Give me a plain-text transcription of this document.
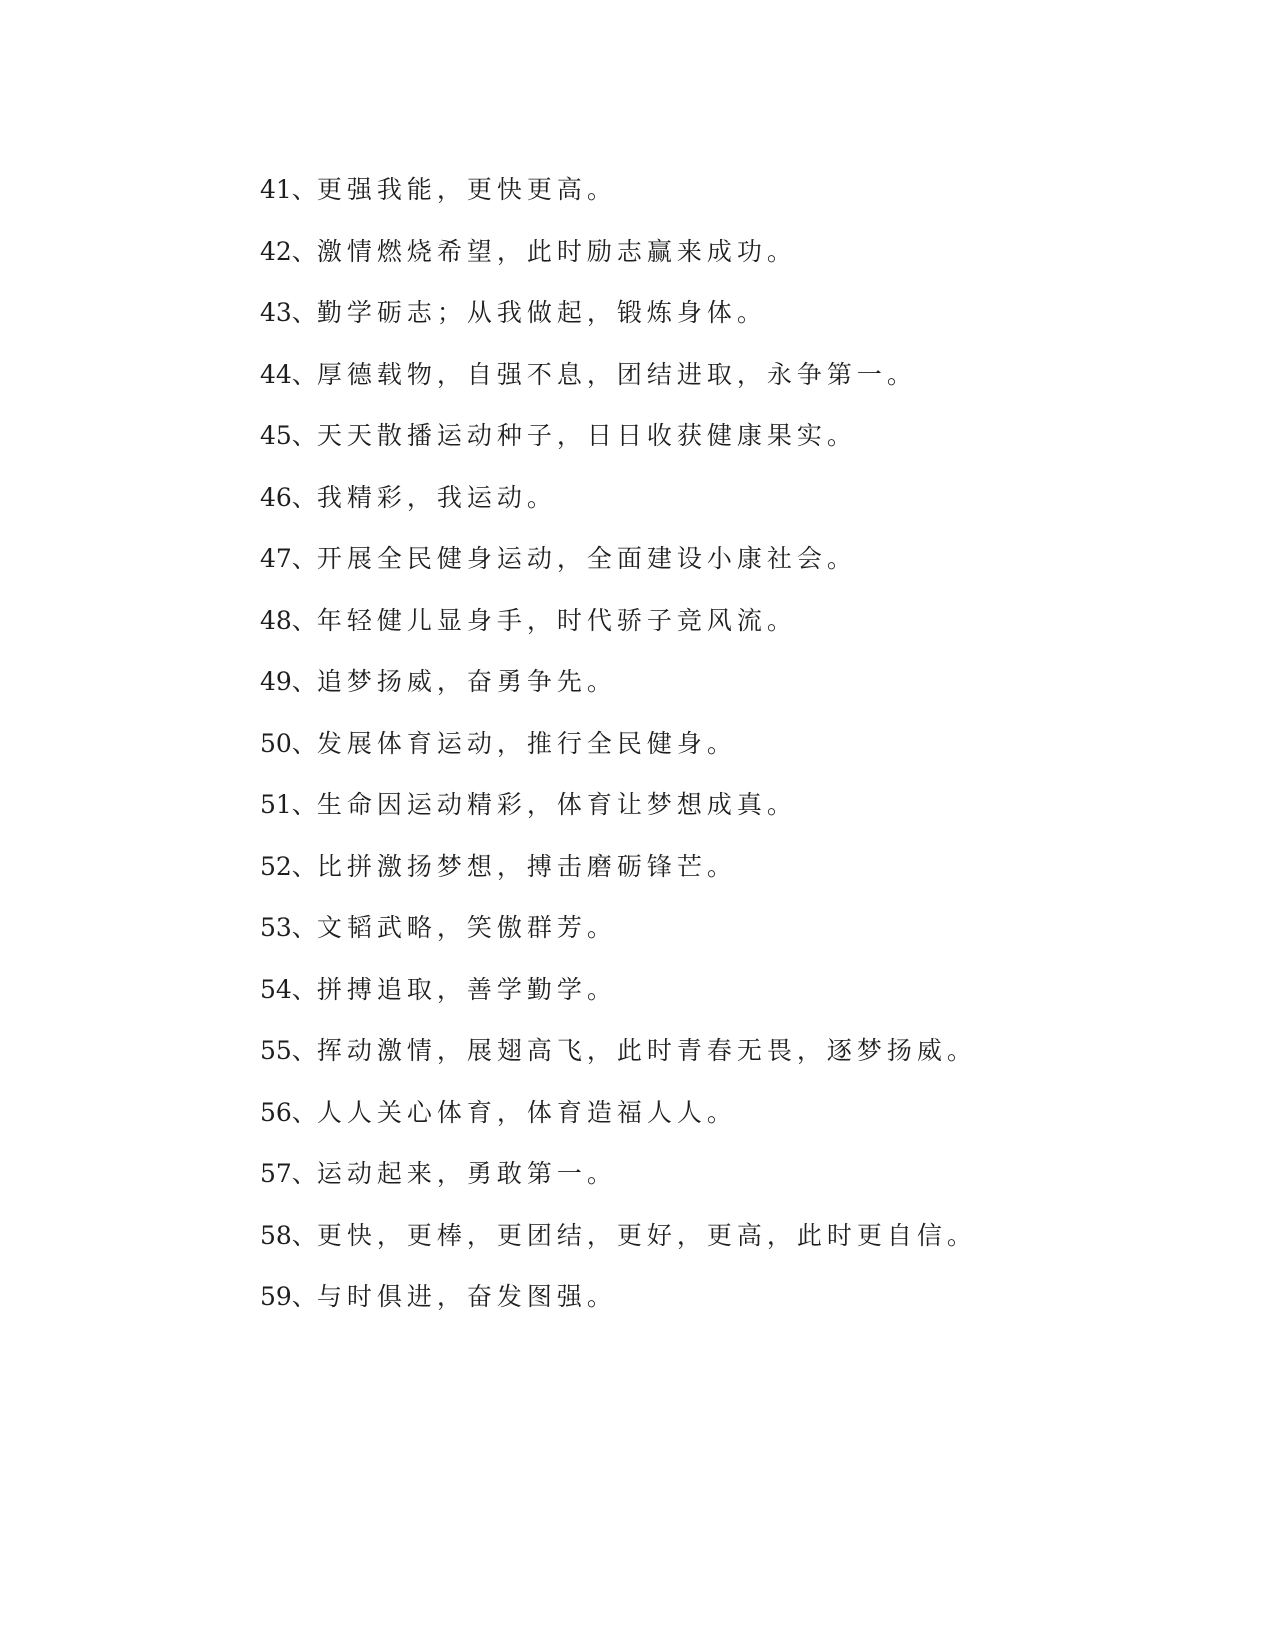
41、更强我能，更快更高。
42、激情燃烧希望，此时励志赢来成功。
43、勤学砺志；从我做起，锻炼身体。
44、厚德载物，自强不息，团结进取，永争第一。
45、天天散播运动种子，日日收获健康果实。
46、我精彩，我运动。
47、开展全民健身运动，全面建设小康社会。
48、年轻健儿显身手，时代骄子竞风流。
49、追梦扬威，奋勇争先。
50、发展体育运动，推行全民健身。
51、生命因运动精彩，体育让梦想成真。
52、比拼激扬梦想，搏击磨砺锋芒。
53、文韬武略，笑傲群芳。
54、拼搏追取，善学勤学。
55、挥动激情，展翅高飞，此时青春无畏，逐梦扬威。
56、人人关心体育，体育造福人人。
57、运动起来，勇敢第一。
58、更快，更棒，更团结，更好，更高，此时更自信。
59、与时俱进，奋发图强。
